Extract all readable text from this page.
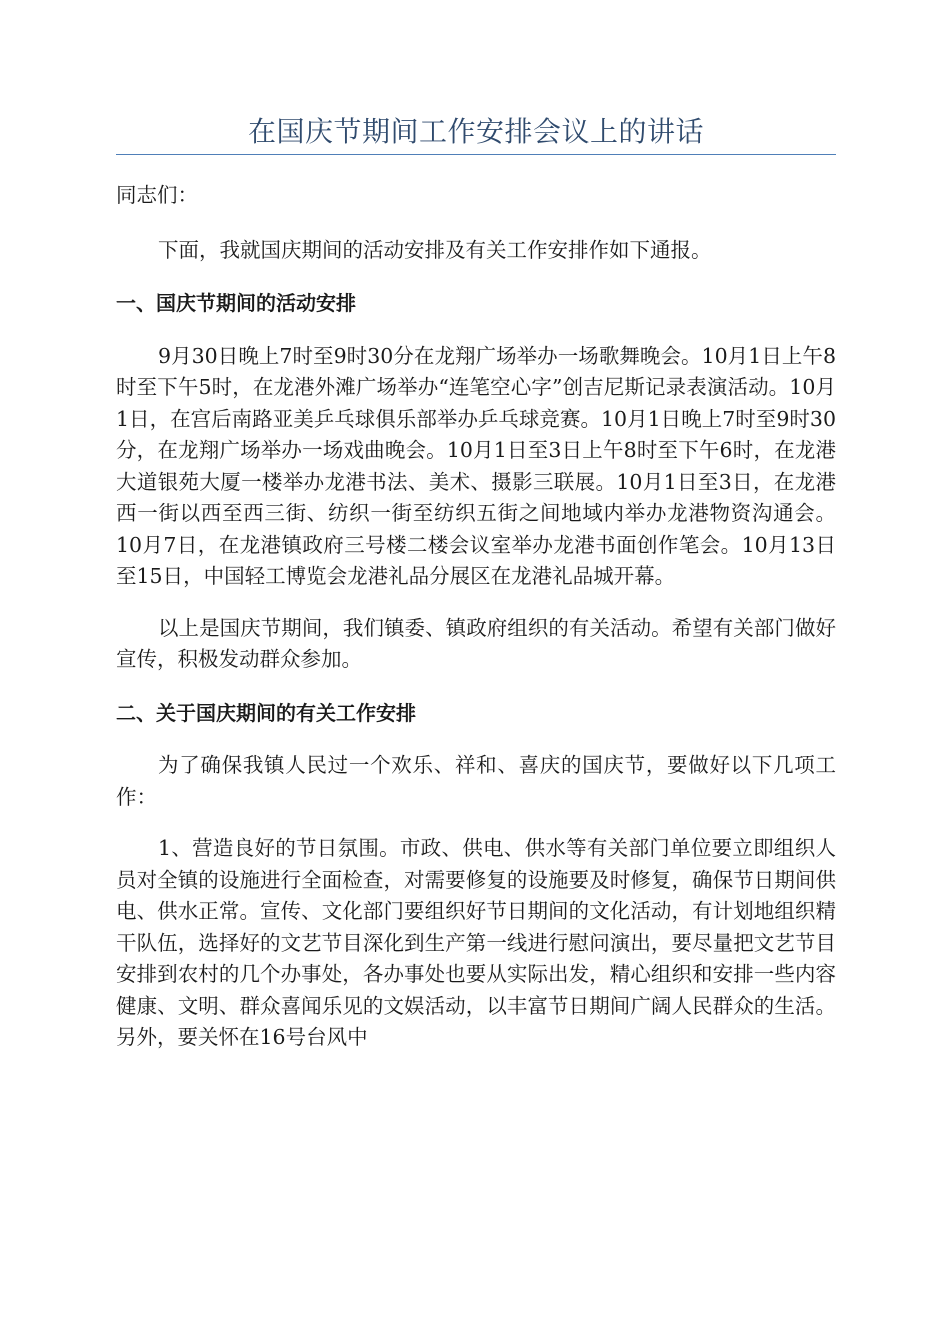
在国庆节期间工作安排会议上的讲话

同志们：

下面，我就国庆期间的活动安排及有关工作安排作如下通报。

一、国庆节期间的活动安排

9月30日晚上7时至9时30分在龙翔广场举办一场歌舞晚会。10月1日上午8时至下午5时，在龙港外滩广场举办“连笔空心字”创吉尼斯记录表演活动。10月1日，在宫后南路亚美乒乓球俱乐部举办乒乓球竞赛。10月1日晚上7时至9时30分，在龙翔广场举办一场戏曲晚会。10月1日至3日上午8时至下午6时，在龙港大道银苑大厦一楼举办龙港书法、美术、摄影三联展。10月1日至3日，在龙港西一街以西至西三街、纺织一街至纺织五街之间地域内举办龙港物资沟通会。10月7日，在龙港镇政府三号楼二楼会议室举办龙港书面创作笔会。10月13日至15日，中国轻工博览会龙港礼品分展区在龙港礼品城开幕。

以上是国庆节期间，我们镇委、镇政府组织的有关活动。希望有关部门做好宣传，积极发动群众参加。

二、关于国庆期间的有关工作安排

为了确保我镇人民过一个欢乐、祥和、喜庆的国庆节，要做好以下几项工作：

1、营造良好的节日氛围。市政、供电、供水等有关部门单位要立即组织人员对全镇的设施进行全面检查，对需要修复的设施要及时修复，确保节日期间供电、供水正常。宣传、文化部门要组织好节日期间的文化活动，有计划地组织精干队伍，选择好的文艺节目深化到生产第一线进行慰问演出，要尽量把文艺节目安排到农村的几个办事处，各办事处也要从实际出发，精心组织和安排一些内容健康、文明、群众喜闻乐见的文娱活动，以丰富节日期间广阔人民群众的生活。另外，要关怀在16号台风中
